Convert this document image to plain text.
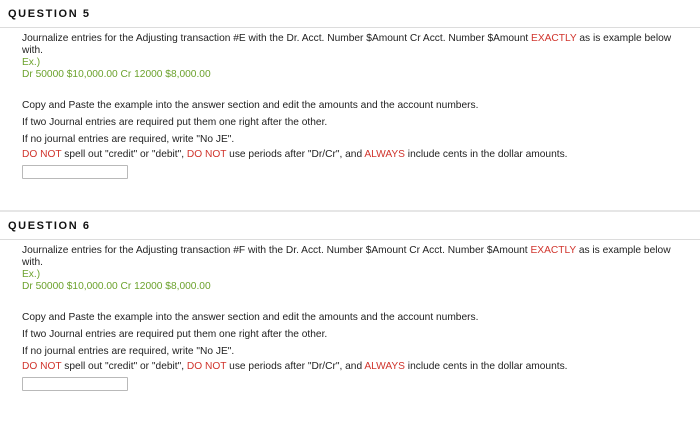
QUESTION 5

Journalize entries for the Adjusting transaction #E with the Dr. Acct. Number $Amount Cr Acct. Number $Amount EXACTLY as is example below with.

Ex.)

Dr 50000 $10,000.00 Cr 12000 $8,000.00

Copy and Paste the example into the answer section and edit the amounts and the account numbers.

If two Journal entries are required put them one right after the other.

If no journal entries are required, write "No JE".

DO NOT spell out "credit" or "debit", DO NOT use periods after "Dr/Cr", and ALWAYS include cents in the dollar amounts.

QUESTION 6

Journalize entries for the Adjusting transaction #F with the Dr. Acct. Number $Amount Cr Acct. Number $Amount EXACTLY as is example below with.

Ex.)

Dr 50000 $10,000.00 Cr 12000 $8,000.00

Copy and Paste the example into the answer section and edit the amounts and the account numbers.

If two Journal entries are required put them one right after the other.

If no journal entries are required, write "No JE".

DO NOT spell out "credit" or "debit", DO NOT use periods after "Dr/Cr", and ALWAYS include cents in the dollar amounts.
